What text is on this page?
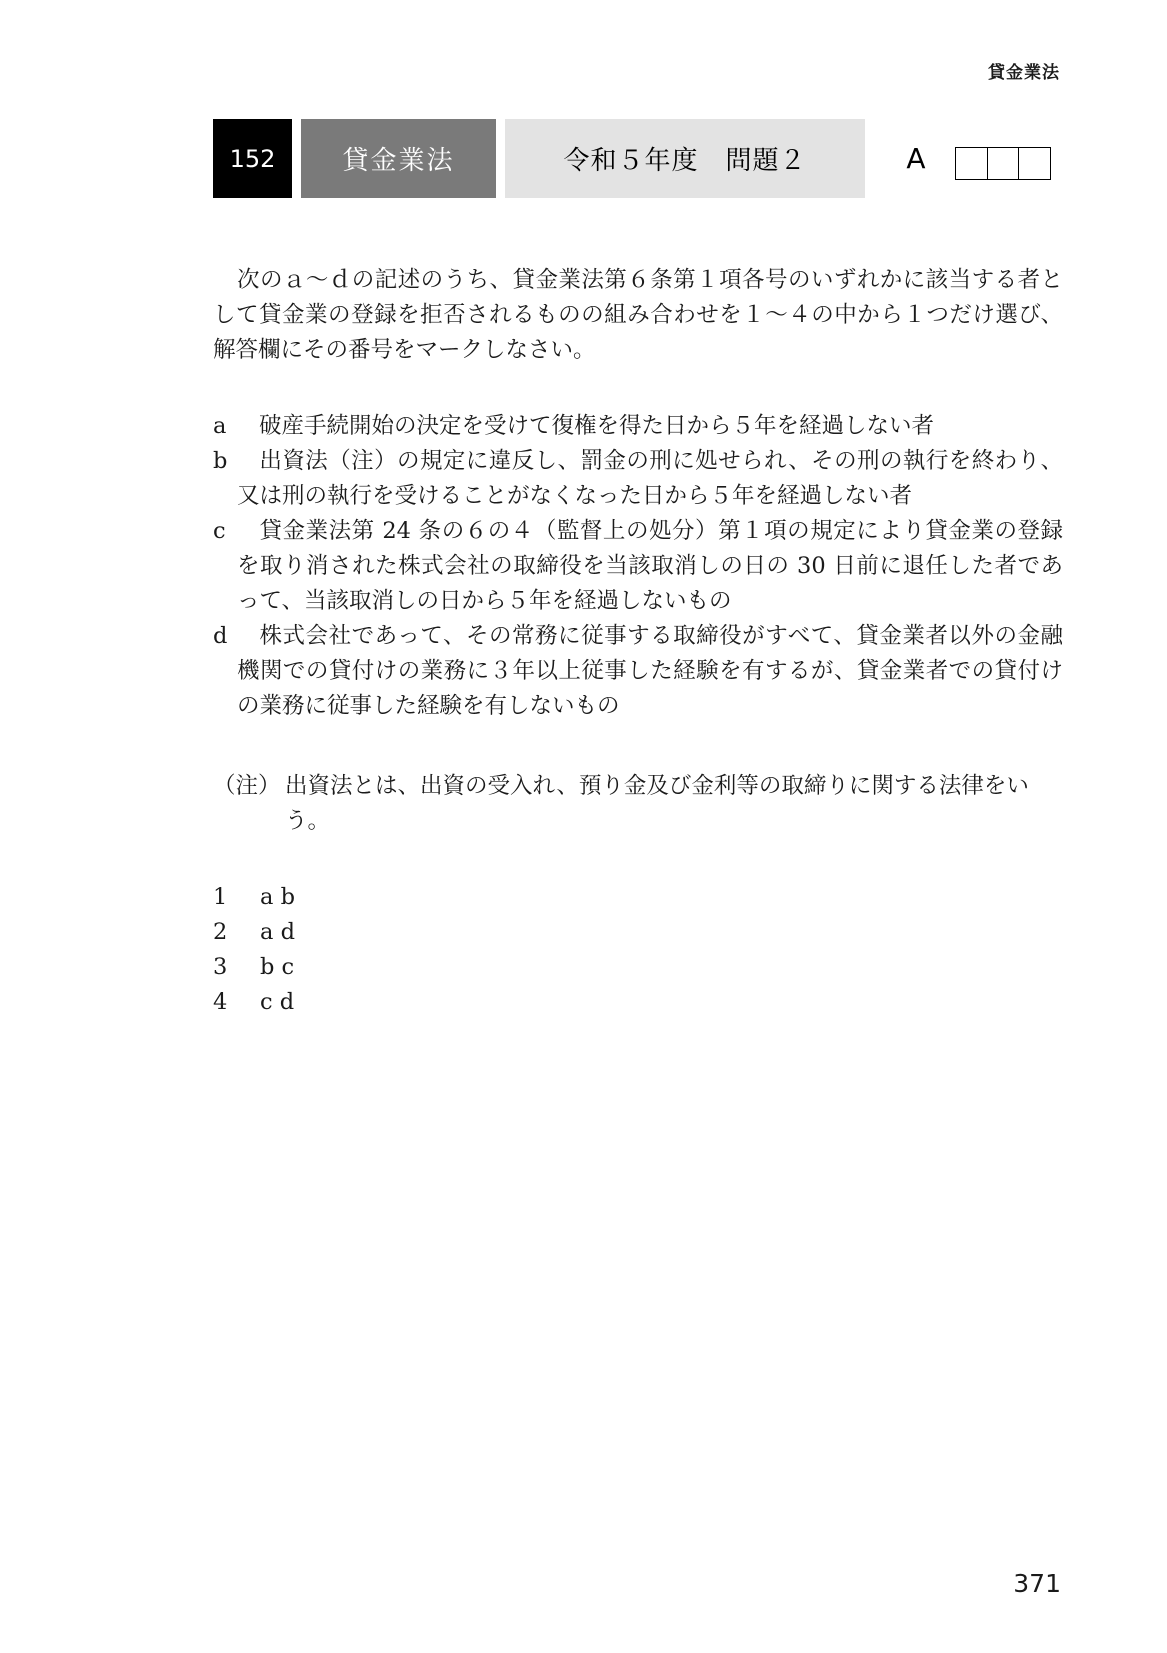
貸金業法
152	貸金業法	令和５年度　問題２	A
次のａ～ｄの記述のうち、貸金業法第６条第１項各号のいずれかに該当する者として貸金業の登録を拒否されるものの組み合わせを１～４の中から１つだけ選び、解答欄にその番号をマークしなさい。
a 破産手続開始の決定を受けて復権を得た日から５年を経過しない者
b 出資法（注）の規定に違反し、罰金の刑に処せられ、その刑の執行を終わり、又は刑の執行を受けることがなくなった日から５年を経過しない者
c 貸金業法第 24 条の６の４（監督上の処分）第１項の規定により貸金業の登録を取り消された株式会社の取締役を当該取消しの日の 30 日前に退任した者であって、当該取消しの日から５年を経過しないもの
d 株式会社であって、その常務に従事する取締役がすべて、貸金業者以外の金融機関での貸付けの業務に３年以上従事した経験を有するが、貸金業者での貸付けの業務に従事した経験を有しないもの
（注） 出資法とは、出資の受入れ、預り金及び金利等の取締りに関する法律をいう。
1	a b
2	a d
3	b c
4	c d
371
